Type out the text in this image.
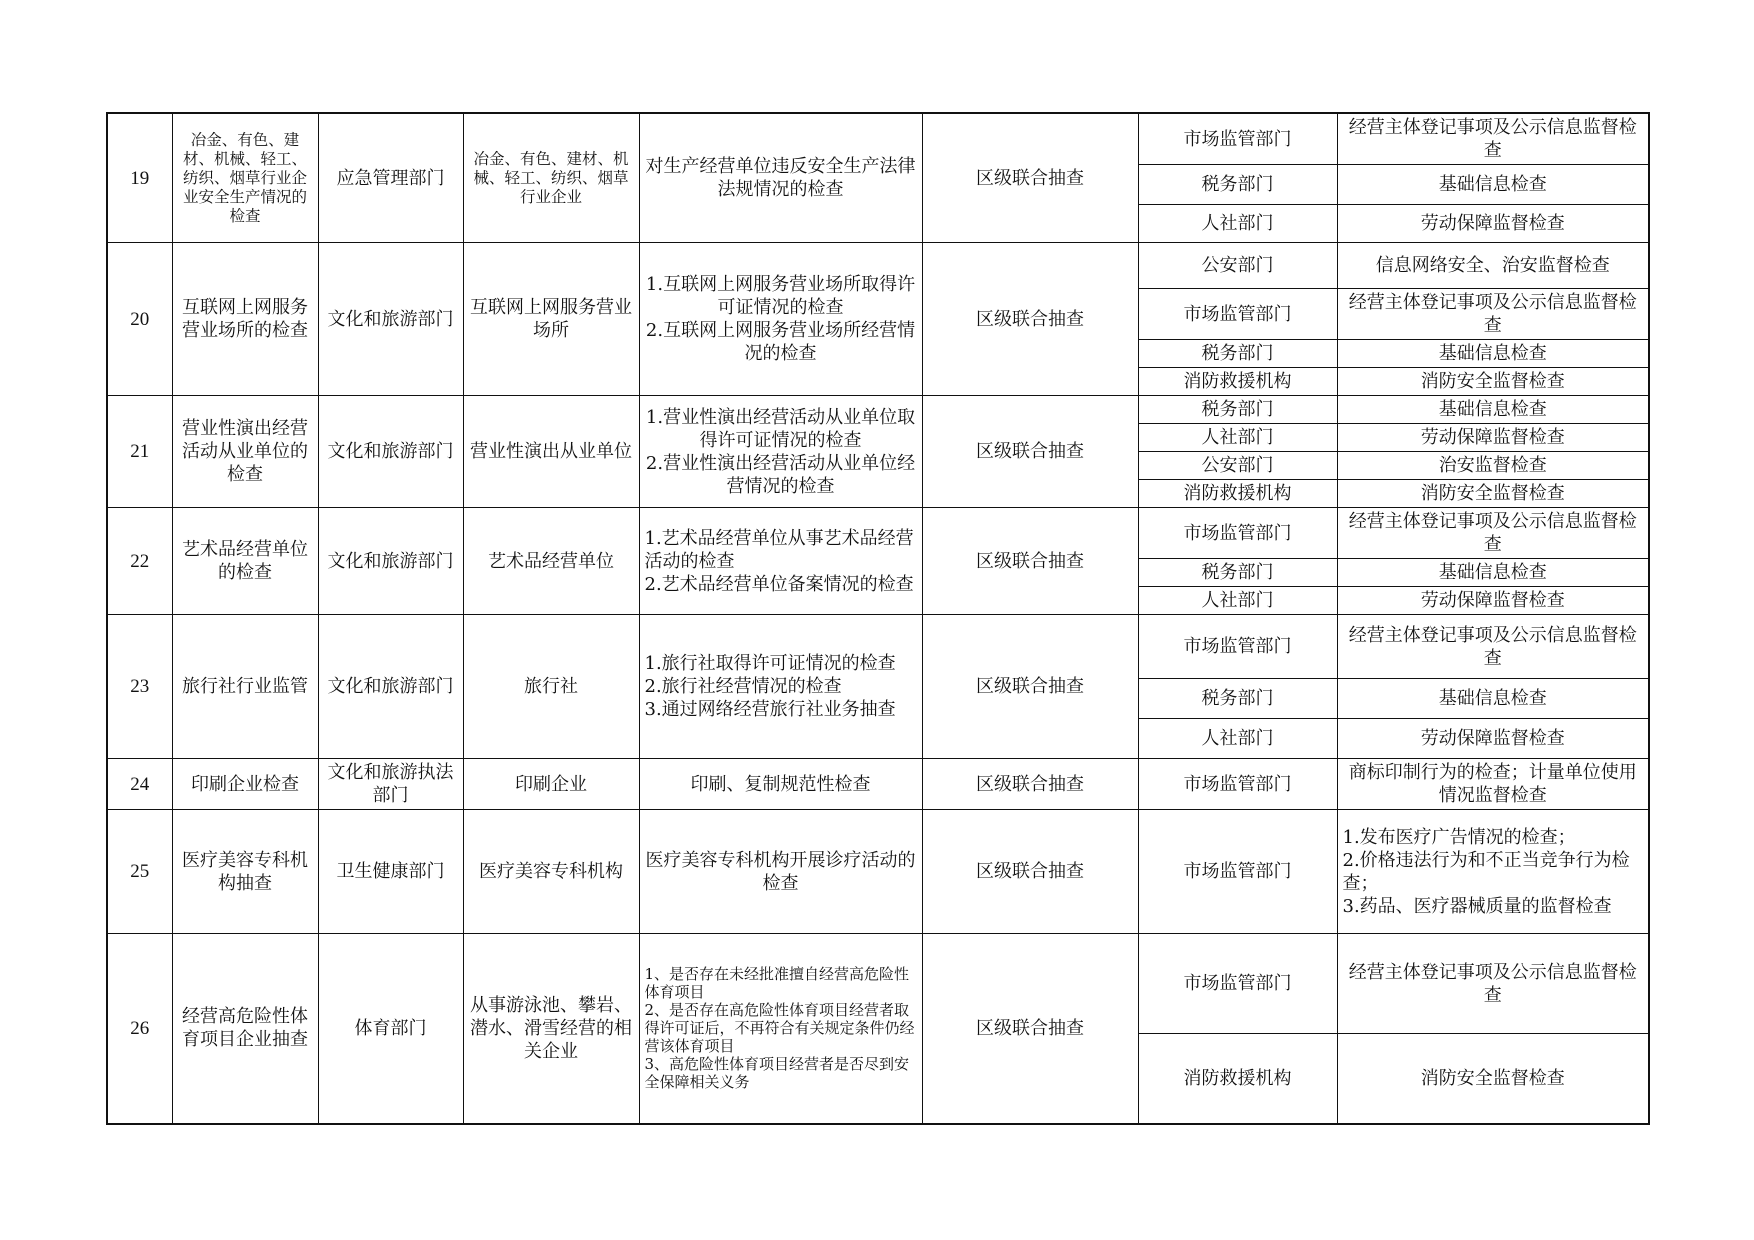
19	冶金、有色、建材、机械、轻工、纺织、烟草行业企业安全生产情况的检查	应急管理部门	冶金、有色、建材、机械、轻工、纺织、烟草行业企业	对生产经营单位违反安全生产法律法规情况的检查	区级联合抽查	市场监管部门	经营主体登记事项及公示信息监督检查

						税务部门	基础信息检查

						人社部门	劳动保障监督检查

20	互联网上网服务营业场所的检查	文化和旅游部门	互联网上网服务营业场所	1.互联网上网服务营业场所取得许可证情况的检查
2.互联网上网服务营业场所经营情况的检查	区级联合抽查	公安部门	信息网络安全、治安监督检查

						市场监管部门	经营主体登记事项及公示信息监督检查

						税务部门	基础信息检查

						消防救援机构	消防安全监督检查

21	营业性演出经营活动从业单位的检查	文化和旅游部门	营业性演出从业单位	1.营业性演出经营活动从业单位取得许可证情况的检查
2.营业性演出经营活动从业单位经营情况的检查	区级联合抽查	税务部门	基础信息检查

						人社部门	劳动保障监督检查

						公安部门	治安监督检查

						消防救援机构	消防安全监督检查

22	艺术品经营单位的检查	文化和旅游部门	艺术品经营单位	1.艺术品经营单位从事艺术品经营活动的检查
2.艺术品经营单位备案情况的检查	区级联合抽查	市场监管部门	经营主体登记事项及公示信息监督检查

						税务部门	基础信息检查

						人社部门	劳动保障监督检查

23	旅行社行业监管	文化和旅游部门	旅行社	1.旅行社取得许可证情况的检查
2.旅行社经营情况的检查
3.通过网络经营旅行社业务抽查	区级联合抽查	市场监管部门	经营主体登记事项及公示信息监督检查

						税务部门	基础信息检查

						人社部门	劳动保障监督检查

24	印刷企业检查	文化和旅游执法部门	印刷企业	印刷、复制规范性检查	区级联合抽查	市场监管部门	商标印制行为的检查；计量单位使用情况监督检查

25	医疗美容专科机构抽查	卫生健康部门	医疗美容专科机构	医疗美容专科机构开展诊疗活动的检查	区级联合抽查	市场监管部门	1.发布医疗广告情况的检查；
2.价格违法行为和不正当竞争行为检查；
3.药品、医疗器械质量的监督检查

26	经营高危险性体育项目企业抽查	体育部门	从事游泳池、攀岩、潜水、滑雪经营的相关企业	1、是否存在未经批准擅自经营高危险性体育项目
2、是否存在高危险性体育项目经营者取得许可证后，不再符合有关规定条件仍经营该体育项目
3、高危险性体育项目经营者是否尽到安全保障相关义务	区级联合抽查	市场监管部门	经营主体登记事项及公示信息监督检查

						消防救援机构	消防安全监督检查
